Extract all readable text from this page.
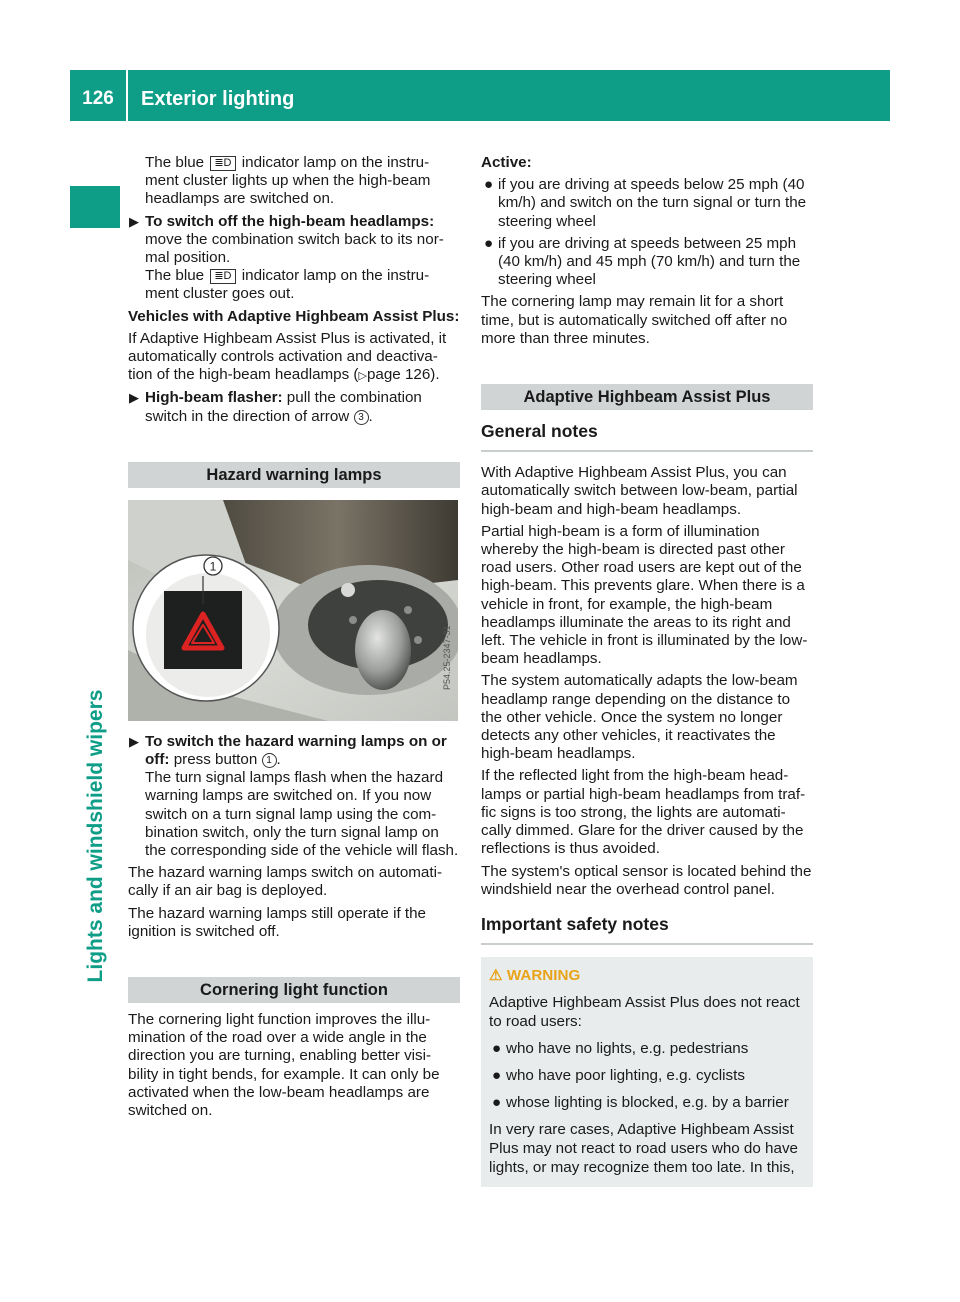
126	Exterior lighting
Lights and windshield wipers

The blue ≣D indicator lamp on the instru-ment cluster lights up when the high-beam headlamps are switched on.

▶ To switch off the high-beam headlamps: move the combination switch back to its nor-mal position.
The blue ≣D indicator lamp on the instru-ment cluster goes out.

Vehicles with Adaptive Highbeam Assist Plus:

If Adaptive Highbeam Assist Plus is activated, it automatically controls activation and deactiva-tion of the high-beam headlamps (▷page 126).

▶ High-beam flasher: pull the combination switch in the direction of arrow 3 .
Hazard warning lamps
1
P54.25-2347-31
▶ To switch the hazard warning lamps on or off: press button 1 .
The turn signal lamps flash when the hazard warning lamps are switched on. If you now switch on a turn signal lamp using the com-bination switch, only the turn signal lamp on the corresponding side of the vehicle will flash.

The hazard warning lamps switch on automati-cally if an air bag is deployed.

The hazard warning lamps still operate if the ignition is switched off.

Cornering light function

The cornering light function improves the illu-mination of the road over a wide angle in the direction you are turning, enabling better visi-bility in tight bends, for example. It can only be activated when the low-beam headlamps are switched on.

Active:

● if you are driving at speeds below 25 mph (40 km/h) and switch on the turn signal or turn the steering wheel
● if you are driving at speeds between 25 mph (40 km/h) and 45 mph (70 km/h) and turn the steering wheel

The cornering lamp may remain lit for a short time, but is automatically switched off after no more than three minutes.

Adaptive Highbeam Assist Plus
General notes

With Adaptive Highbeam Assist Plus, you can automatically switch between low-beam, partial high-beam and high-beam headlamps.

Partial high-beam is a form of illumination whereby the high-beam is directed past other road users. Other road users are kept out of the high-beam. This prevents glare. When there is a vehicle in front, for example, the high-beam headlamps illuminate the areas to its right and left. The vehicle in front is illuminated by the low-beam headlamps.

The system automatically adapts the low-beam headlamp range depending on the distance to the other vehicle. Once the system no longer detects any other vehicles, it reactivates the high-beam headlamps.

If the reflected light from the high-beam head-lamps or partial high-beam headlamps from traf-fic signs is too strong, the lights are automati-cally dimmed. Glare for the driver caused by the reflections is thus avoided.

The system's optical sensor is located behind the windshield near the overhead control panel.

Important safety notes
⚠ WARNING

Adaptive Highbeam Assist Plus does not react to road users:

● who have no lights, e.g. pedestrians
● who have poor lighting, e.g. cyclists
● whose lighting is blocked, e.g. by a barrier

In very rare cases, Adaptive Highbeam Assist Plus may not react to road users who do have lights, or may recognize them too late. In this,
